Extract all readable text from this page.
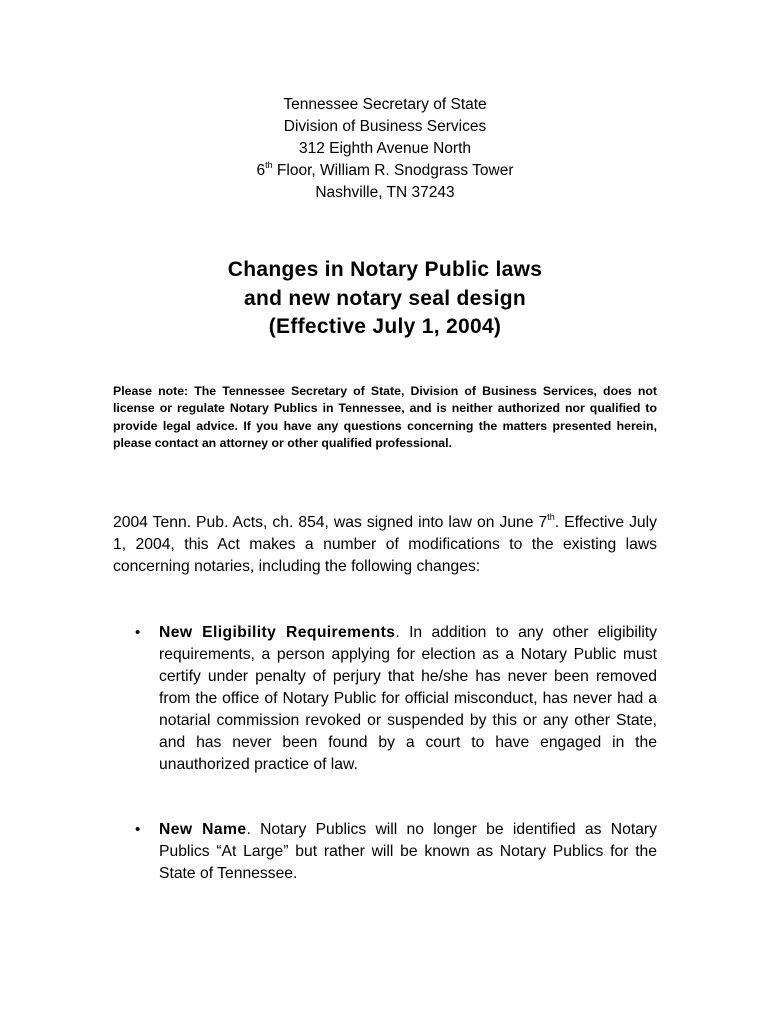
Tennessee Secretary of State
Division of Business Services
312 Eighth Avenue North
6th Floor, William R. Snodgrass Tower
Nashville, TN 37243
Changes in Notary Public laws
and new notary seal design
(Effective July 1, 2004)
Please note: The Tennessee Secretary of State, Division of Business Services, does not license or regulate Notary Publics in Tennessee, and is neither authorized nor qualified to provide legal advice. If you have any questions concerning the matters presented herein, please contact an attorney or other qualified professional.
2004 Tenn. Pub. Acts, ch. 854, was signed into law on June 7th. Effective July 1, 2004, this Act makes a number of modifications to the existing laws concerning notaries, including the following changes:
• New Eligibility Requirements. In addition to any other eligibility requirements, a person applying for election as a Notary Public must certify under penalty of perjury that he/she has never been removed from the office of Notary Public for official misconduct, has never had a notarial commission revoked or suspended by this or any other State, and has never been found by a court to have engaged in the unauthorized practice of law.
• New Name. Notary Publics will no longer be identified as Notary Publics “At Large” but rather will be known as Notary Publics for the State of Tennessee.
